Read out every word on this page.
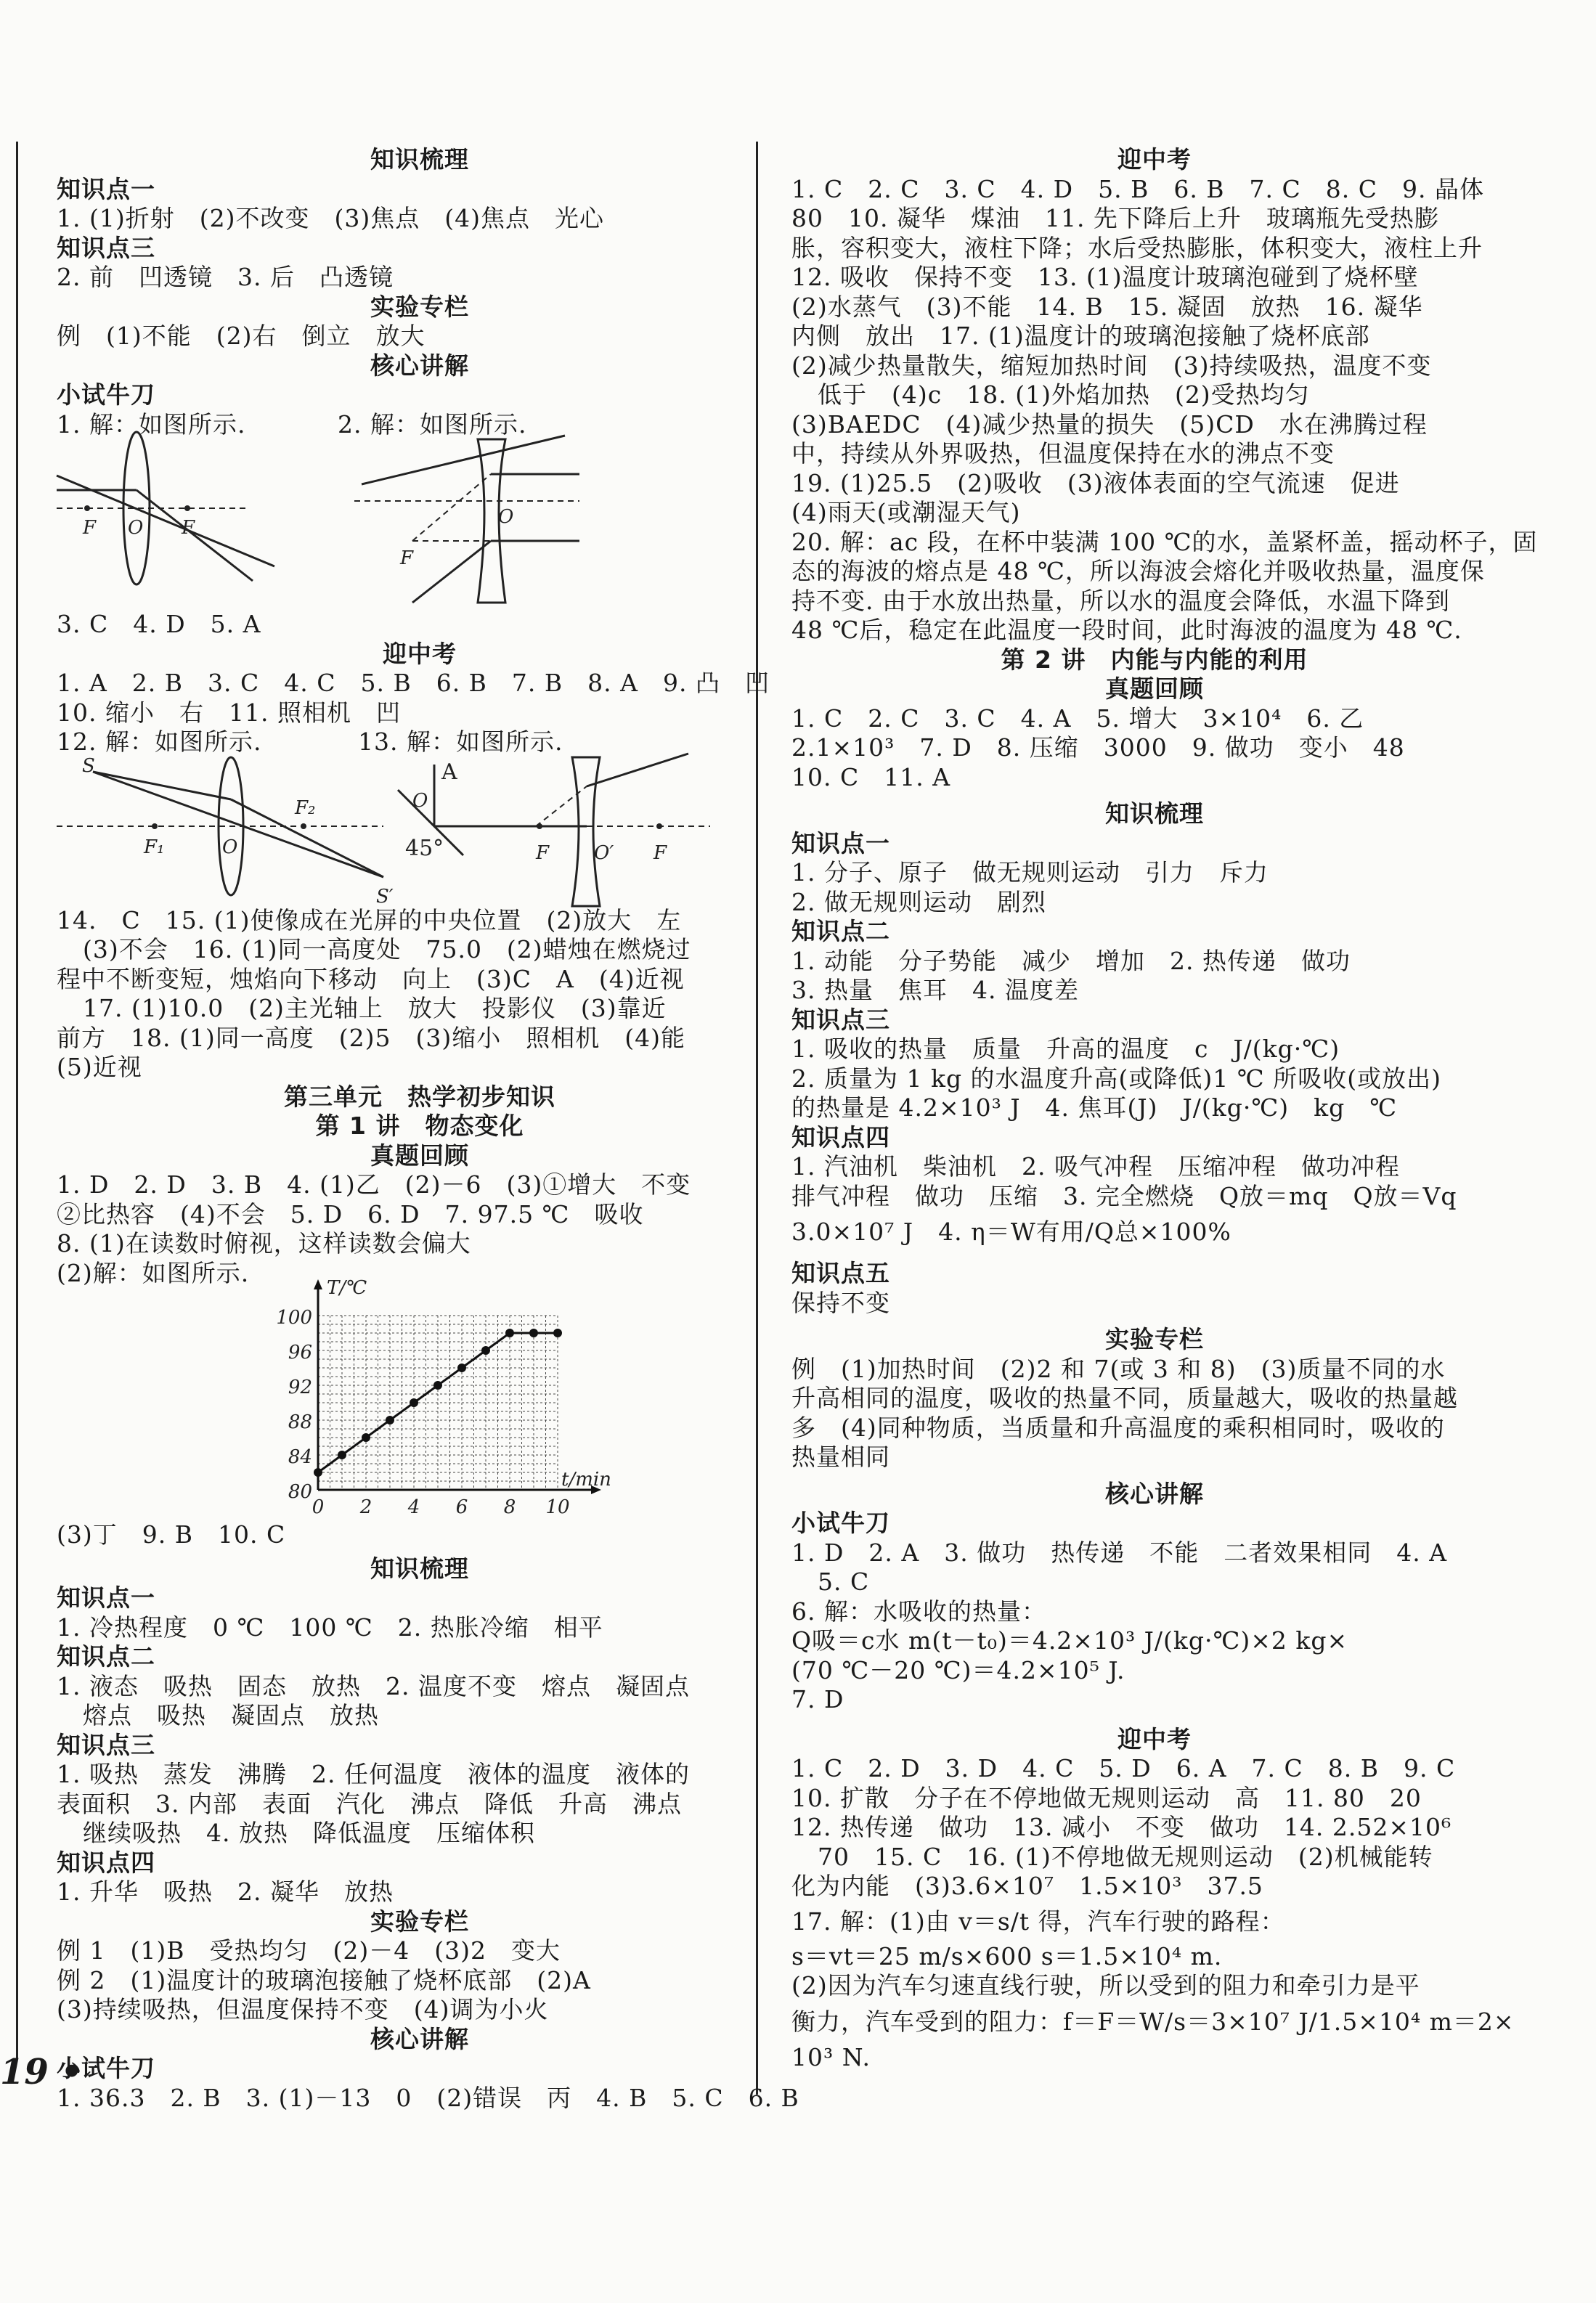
知识梳理

知识点一

1. (1)折射　(2)不改变　(3)焦点　(4)焦点　光心

知识点三

2. 前　凹透镜　3. 后　凸透镜

实验专栏

例　(1)不能　(2)右　倒立　放大

核心讲解

小试牛刀

1. 解：如图所示.	2. 解：如图所示.

F O F
F
O

3. C　4. D　5. A

迎中考

1. A　2. B　3. C　4. C　5. B　6. B　7. B　8. A　9. 凸　凹

10. 缩小　右　11. 照相机　凹

12. 解：如图所示.	13. 解：如图所示.

S
F₂
F₁	O
S′
A
O
45°	F O′ F

14.　C　15. (1)使像成在光屏的中央位置　(2)放大　左

(3)不会　16. (1)同一高度处　75.0　(2)蜡烛在燃烧过

程中不断变短，烛焰向下移动　向上　(3)C　A　(4)近视

17. (1)10.0　(2)主光轴上　放大　投影仪　(3)靠近

前方　18. (1)同一高度　(2)5　(3)缩小　照相机　(4)能

(5)近视

第三单元　热学初步知识

第 1 讲　物态变化

真题回顾

1. D　2. D　3. B　4. (1)乙　(2)－6　(3)①增大　不变

②比热容　(4)不会　5. D　6. D　7. 97.5 ℃　吸收

8. (1)在读数时俯视，这样读数会偏大

(2)解：如图所示.

T/℃
t/min
0 2 4 6 8 10
80
84
88
92
96
100

(3)丁　9. B　10. C

知识梳理

知识点一

1. 冷热程度　0 ℃　100 ℃　2. 热胀冷缩　相平

知识点二

1. 液态　吸热　固态　放热　2. 温度不变　熔点　凝固点

熔点　吸热　凝固点　放热

知识点三

1. 吸热　蒸发　沸腾　2. 任何温度　液体的温度　液体的

表面积　3. 内部　表面　汽化　沸点　降低　升高　沸点

继续吸热　4. 放热　降低温度　压缩体积

知识点四

1. 升华　吸热　2. 凝华　放热

实验专栏

例 1　(1)B　受热均匀　(2)－4　(3)2　变大

例 2　(1)温度计的玻璃泡接触了烧杯底部　(2)A

(3)持续吸热，但温度保持不变　(4)调为小火

核心讲解

小试牛刀

1. 36.3　2. B　3. (1)－13　0　(2)错误　丙　4. B　5. C　6. B

迎中考

1. C　2. C　3. C　4. D　5. B　6. B　7. C　8. C　9. 晶体

80　10. 凝华　煤油　11. 先下降后上升　玻璃瓶先受热膨

胀，容积变大，液柱下降；水后受热膨胀，体积变大，液柱上升

12. 吸收　保持不变　13. (1)温度计玻璃泡碰到了烧杯壁

(2)水蒸气　(3)不能　14. B　15. 凝固　放热　16. 凝华

内侧　放出　17. (1)温度计的玻璃泡接触了烧杯底部

(2)减少热量散失，缩短加热时间　(3)持续吸热，温度不变

低于　(4)c　18. (1)外焰加热　(2)受热均匀

(3)BAEDC　(4)减少热量的损失　(5)CD　水在沸腾过程

中，持续从外界吸热，但温度保持在水的沸点不变

19. (1)25.5　(2)吸收　(3)液体表面的空气流速　促进

(4)雨天(或潮湿天气)

20. 解：ac 段，在杯中装满 100 ℃的水，盖紧杯盖，摇动杯子，固

态的海波的熔点是 48 ℃，所以海波会熔化并吸收热量，温度保

持不变. 由于水放出热量，所以水的温度会降低，水温下降到

48 ℃后，稳定在此温度一段时间，此时海波的温度为 48 ℃.

第 2 讲　内能与内能的利用

真题回顾

1. C　2. C　3. C　4. A　5. 增大　3×10⁴　6. 乙

2.1×10³　7. D　8. 压缩　3000　9. 做功　变小　48

10. C　11. A

知识梳理

知识点一

1. 分子、原子　做无规则运动　引力　斥力

2. 做无规则运动　剧烈

知识点二

1. 动能　分子势能　减少　增加　2. 热传递　做功

3. 热量　焦耳　4. 温度差

知识点三

1. 吸收的热量　质量　升高的温度　c　J/(kg·℃)

2. 质量为 1 kg 的水温度升高(或降低)1 ℃ 所吸收(或放出)

的热量是 4.2×10³ J　4. 焦耳(J)　J/(kg·℃)　kg　℃

知识点四

1. 汽油机　柴油机　2. 吸气冲程　压缩冲程　做功冲程

排气冲程　做功　压缩　3. 完全燃烧　Q放＝mq　Q放＝Vq

3.0×10⁷ J　4. η＝W有用/Q总×100%

知识点五

保持不变

实验专栏

例　(1)加热时间　(2)2 和 7(或 3 和 8)　(3)质量不同的水

升高相同的温度，吸收的热量不同，质量越大，吸收的热量越

多　(4)同种物质，当质量和升高温度的乘积相同时，吸收的

热量相同

核心讲解

小试牛刀

1. D　2. A　3. 做功　热传递　不能　二者效果相同　4. A

5. C

6. 解：水吸收的热量：

Q吸＝c水 m(t－t₀)＝4.2×10³ J/(kg·℃)×2 kg×

(70 ℃－20 ℃)＝4.2×10⁵ J.

7. D

迎中考

1. C　2. D　3. D　4. C　5. D　6. A　7. C　8. B　9. C

10. 扩散　分子在不停地做无规则运动　高　11. 80　20

12. 热传递　做功　13. 减小　不变　做功　14. 2.52×10⁶

70　15. C　16. (1)不停地做无规则运动　(2)机械能转

化为内能　(3)3.6×10⁷　1.5×10³　37.5

17. 解：(1)由 v＝s/t 得，汽车行驶的路程：

s＝vt＝25 m/s×600 s＝1.5×10⁴ m.

(2)因为汽车匀速直线行驶，所以受到的阻力和牵引力是平

衡力，汽车受到的阻力：f＝F＝W/s＝3×10⁷ J/1.5×10⁴ m＝2×

10³ N.

19 •
